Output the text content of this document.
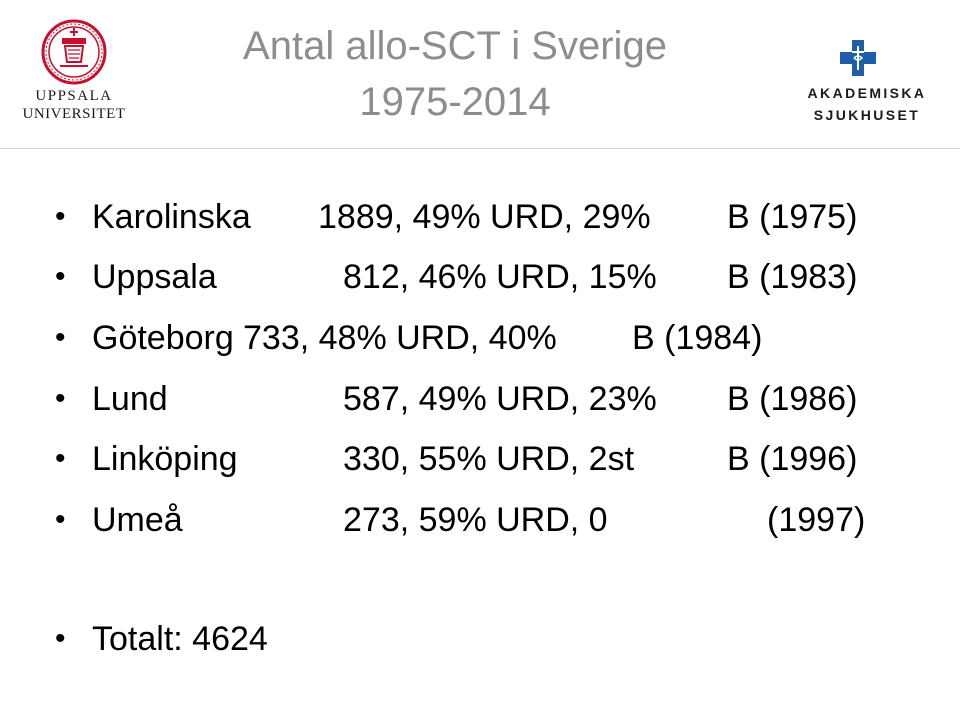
UPPSALA
UNIVERSITET
Antal allo-SCT i Sverige
1975-2014	AKADEMISKA
SJUKHUSET
• Karolinska 1889, 49% URD, 29% B (1975)
• Uppsala	812, 46% URD, 15% B (1983)
• Göteborg 733, 48% URD, 40% B (1984)
• Lund	587, 49% URD, 23% B (1986)
• Linköping	330, 55% URD, 2st	B (1996)
• Umeå	273, 59% URD, 0	(1997)
• Totalt: 4624
